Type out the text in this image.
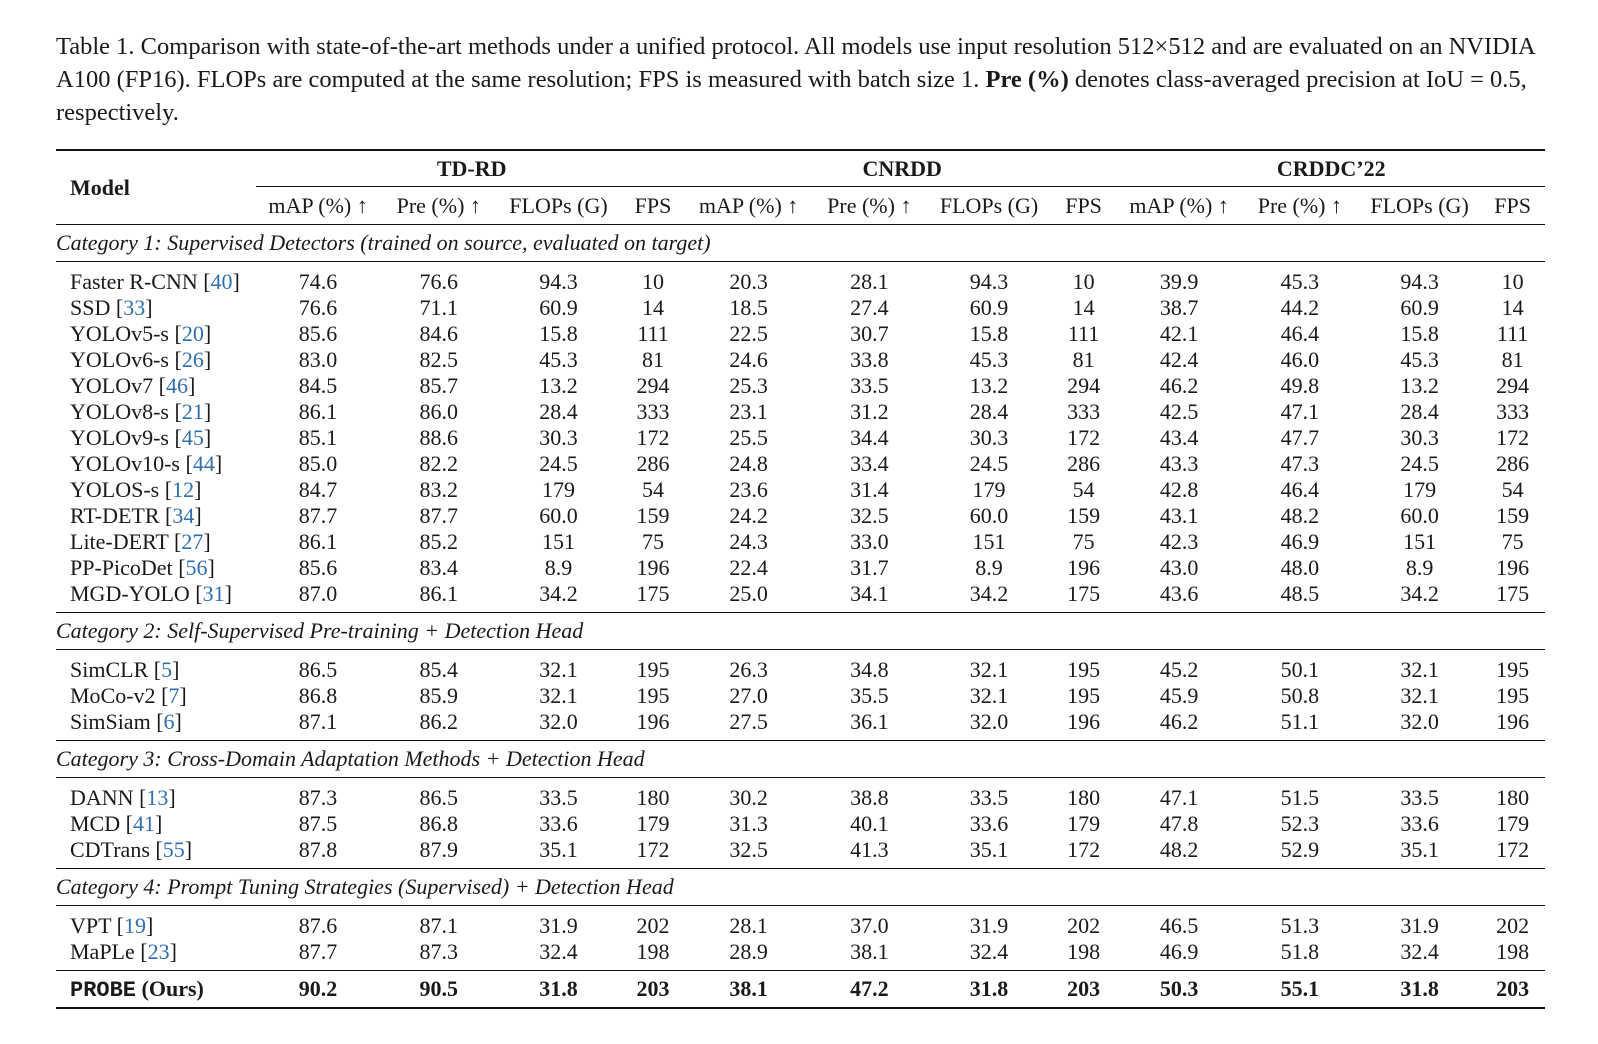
Table 1. Comparison with state-of-the-art methods under a unified protocol. All models use input resolution 512×512 and are evaluated on an NVIDIA A100 (FP16). FLOPs are computed at the same resolution; FPS is measured with batch size 1. Pre (%) denotes class-averaged precision at IoU = 0.5, respectively.
Model	TD-RD				CNRDD				CRDDC’22			
	mAP (%) ↑	Pre (%) ↑	FLOPs (G)	FPS	mAP (%) ↑	Pre (%) ↑	FLOPs (G)	FPS	mAP (%) ↑	Pre (%) ↑	FLOPs (G)	FPS
Category 1: Supervised Detectors (trained on source, evaluated on target)												
Faster R-CNN [40]	74.6	76.6	94.3	10	20.3	28.1	94.3	10	39.9	45.3	94.3	10
SSD [33]	76.6	71.1	60.9	14	18.5	27.4	60.9	14	38.7	44.2	60.9	14
YOLOv5-s [20]	85.6	84.6	15.8	111	22.5	30.7	15.8	111	42.1	46.4	15.8	111
YOLOv6-s [26]	83.0	82.5	45.3	81	24.6	33.8	45.3	81	42.4	46.0	45.3	81
YOLOv7 [46]	84.5	85.7	13.2	294	25.3	33.5	13.2	294	46.2	49.8	13.2	294
YOLOv8-s [21]	86.1	86.0	28.4	333	23.1	31.2	28.4	333	42.5	47.1	28.4	333
YOLOv9-s [45]	85.1	88.6	30.3	172	25.5	34.4	30.3	172	43.4	47.7	30.3	172
YOLOv10-s [44]	85.0	82.2	24.5	286	24.8	33.4	24.5	286	43.3	47.3	24.5	286
YOLOS-s [12]	84.7	83.2	179	54	23.6	31.4	179	54	42.8	46.4	179	54
RT-DETR [34]	87.7	87.7	60.0	159	24.2	32.5	60.0	159	43.1	48.2	60.0	159
Lite-DERT [27]	86.1	85.2	151	75	24.3	33.0	151	75	42.3	46.9	151	75
PP-PicoDet [56]	85.6	83.4	8.9	196	22.4	31.7	8.9	196	43.0	48.0	8.9	196
MGD-YOLO [31]	87.0	86.1	34.2	175	25.0	34.1	34.2	175	43.6	48.5	34.2	175
Category 2: Self-Supervised Pre-training + Detection Head												
SimCLR [5]	86.5	85.4	32.1	195	26.3	34.8	32.1	195	45.2	50.1	32.1	195
MoCo-v2 [7]	86.8	85.9	32.1	195	27.0	35.5	32.1	195	45.9	50.8	32.1	195
SimSiam [6]	87.1	86.2	32.0	196	27.5	36.1	32.0	196	46.2	51.1	32.0	196
Category 3: Cross-Domain Adaptation Methods + Detection Head												
DANN [13]	87.3	86.5	33.5	180	30.2	38.8	33.5	180	47.1	51.5	33.5	180
MCD [41]	87.5	86.8	33.6	179	31.3	40.1	33.6	179	47.8	52.3	33.6	179
CDTrans [55]	87.8	87.9	35.1	172	32.5	41.3	35.1	172	48.2	52.9	35.1	172
Category 4: Prompt Tuning Strategies (Supervised) + Detection Head												
VPT [19]	87.6	87.1	31.9	202	28.1	37.0	31.9	202	46.5	51.3	31.9	202
MaPLe [23]	87.7	87.3	32.4	198	28.9	38.1	32.4	198	46.9	51.8	32.4	198
PROBE (Ours)	90.2	90.5	31.8	203	38.1	47.2	31.8	203	50.3	55.1	31.8	203
